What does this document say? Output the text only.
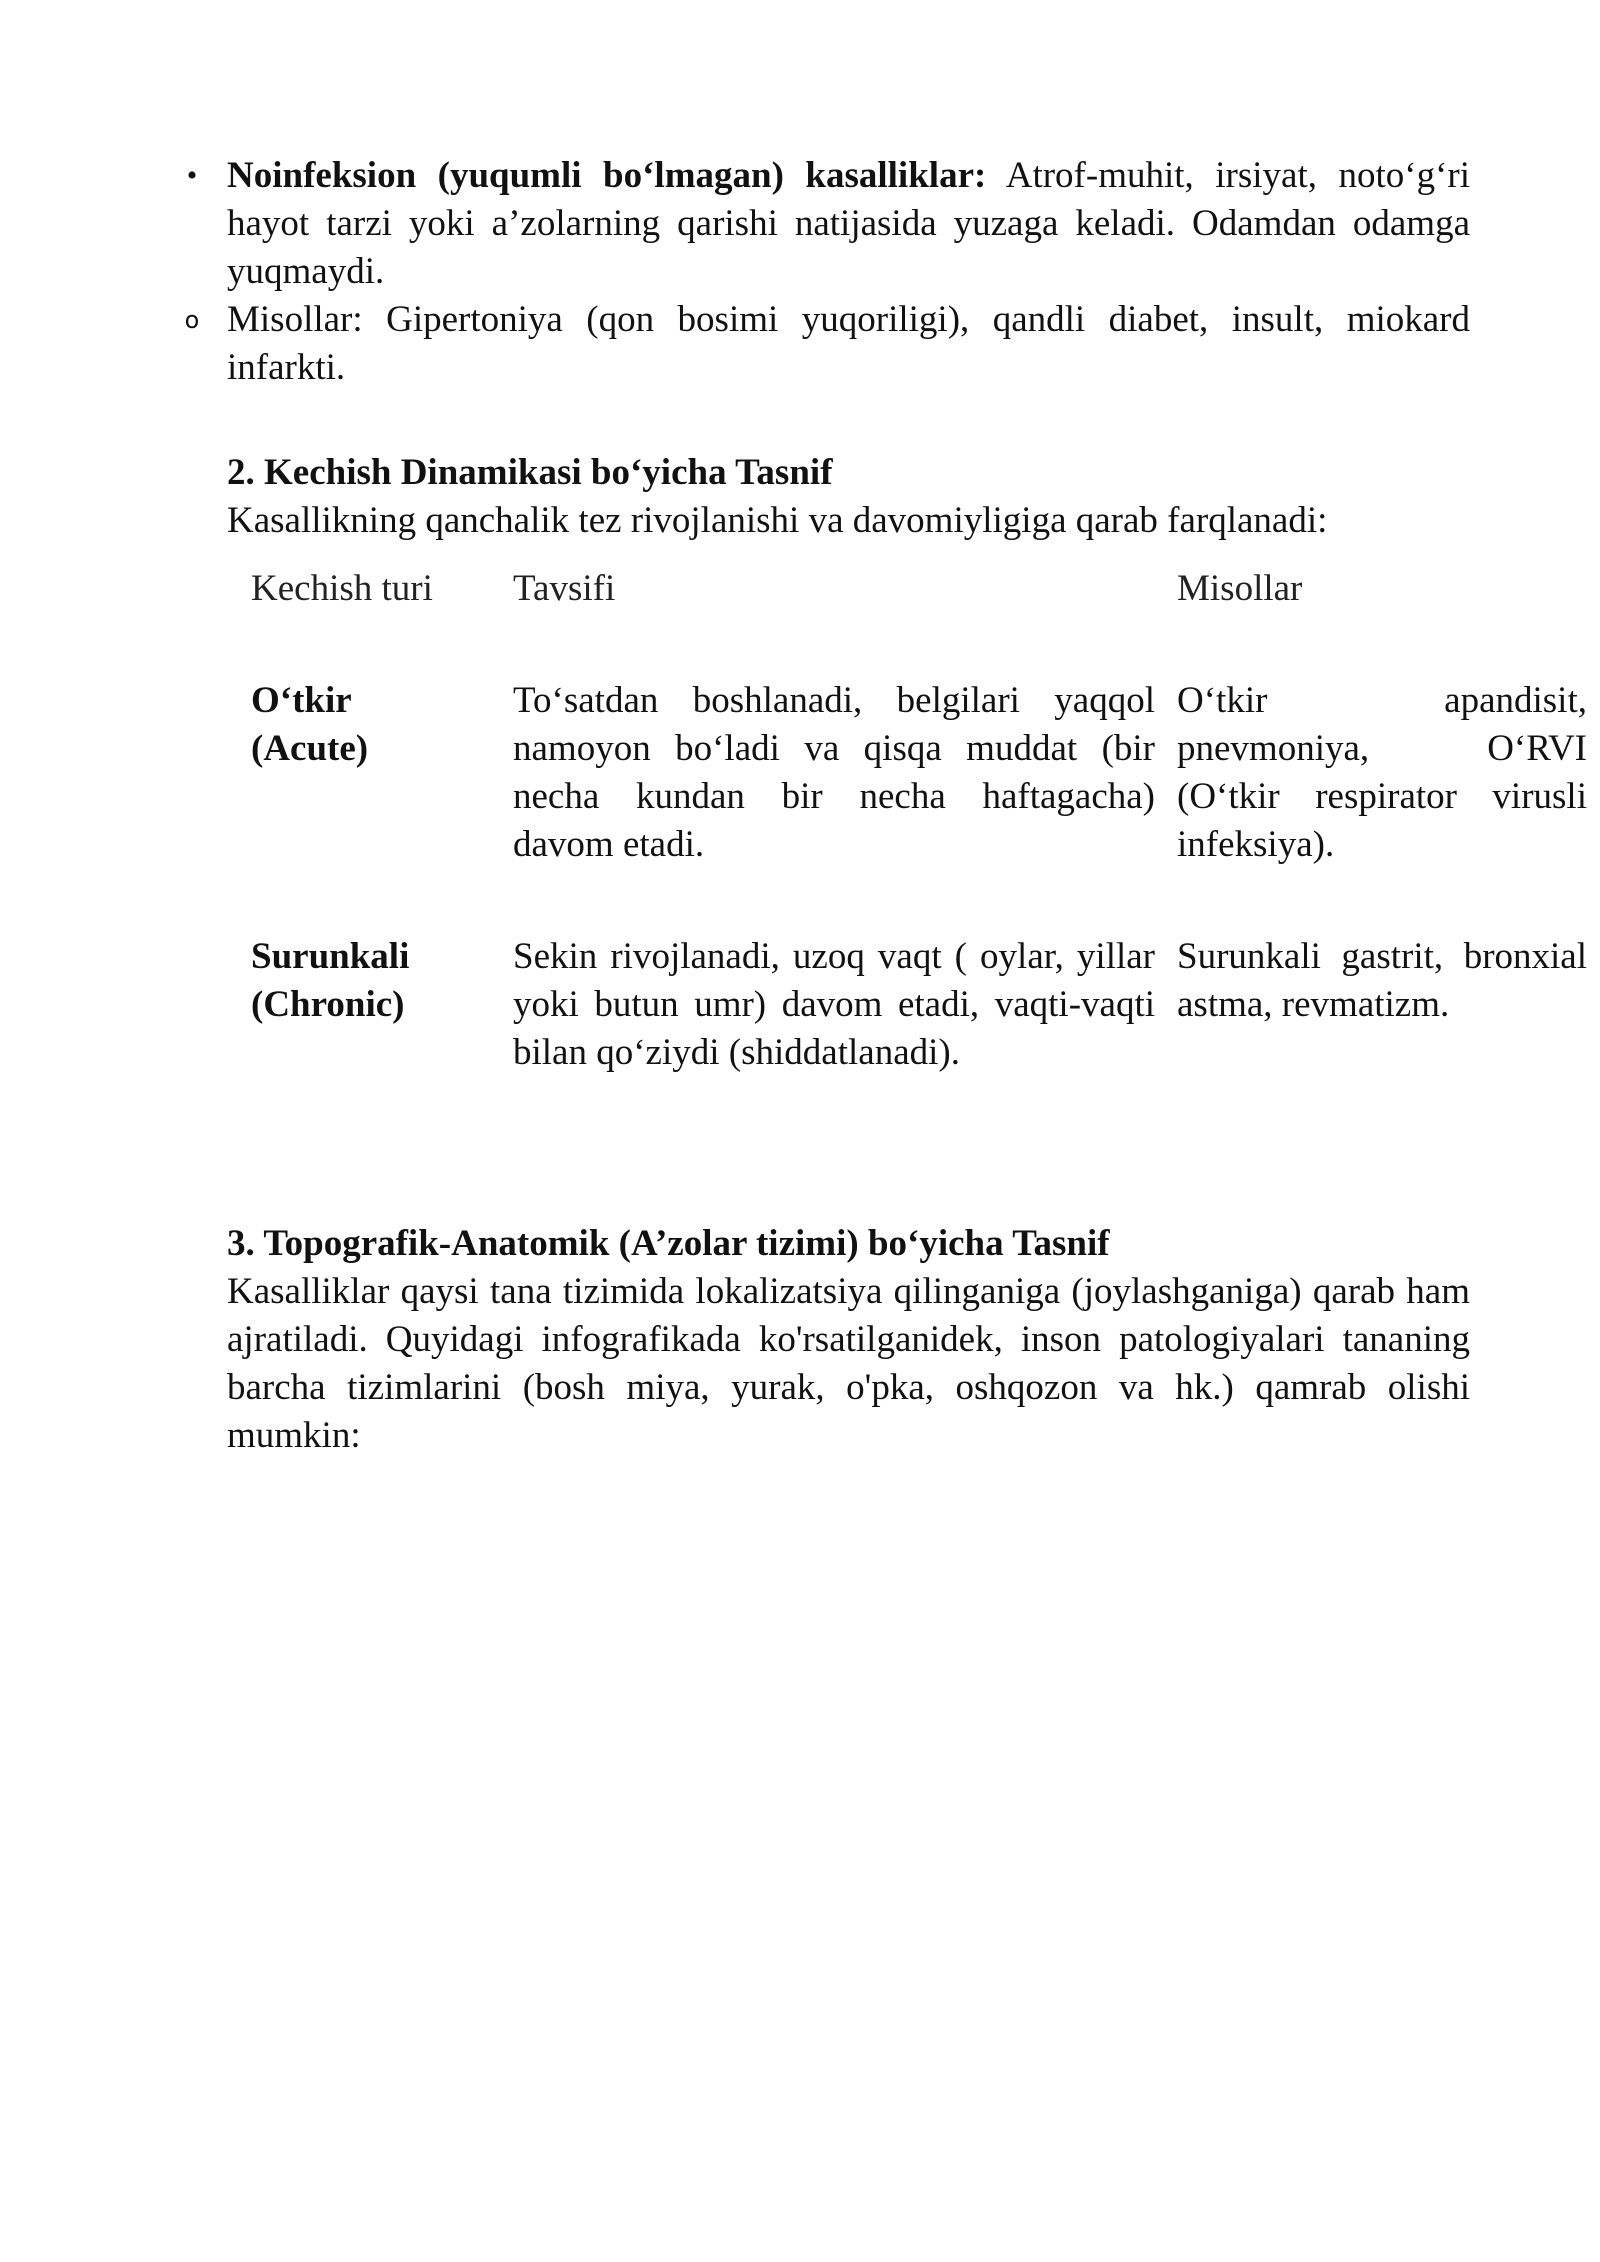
• Noinfeksion (yuqumli bo‘lmagan) kasalliklar: Atrof-muhit, irsiyat, noto‘g‘ri hayot tarzi yoki a’zolarning qarishi natijasida yuzaga keladi. Odamdan odamga yuqmaydi.
o Misollar: Gipertoniya (qon bosimi yuqoriligi), qandli diabet, insult, miokard infarkti.
2. Kechish Dinamikasi bo‘yicha Tasnif
Kasallikning qanchalik tez rivojlanishi va davomiyligiga qarab farqlanadi:
Kechish turi	Tavsifi	Misollar
O‘tkir
(Acute)
To‘satdan boshlanadi, belgilari yaqqol namoyon bo‘ladi va qisqa muddat (bir necha kundan bir necha haftagacha) davom etadi.
O‘tkir apandisit, pnevmoniya, O‘RVI (O‘tkir respirator virusli infeksiya).
Surunkali
(Chronic)
Sekin rivojlanadi, uzoq vaqt ( oylar, yillar yoki butun umr) davom etadi, vaqti-vaqti bilan qo‘ziydi (shiddatlanadi).
Surunkali gastrit, bronxial astma, revmatizm.
3. Topografik-Anatomik (A’zolar tizimi) bo‘yicha Tasnif
Kasalliklar qaysi tana tizimida lokalizatsiya qilinganiga (joylashganiga) qarab ham ajratiladi. Quyidagi infografikada ko'rsatilganidek, inson patologiyalari tananing barcha tizimlarini (bosh miya, yurak, o'pka, oshqozon va hk.) qamrab olishi mumkin:
